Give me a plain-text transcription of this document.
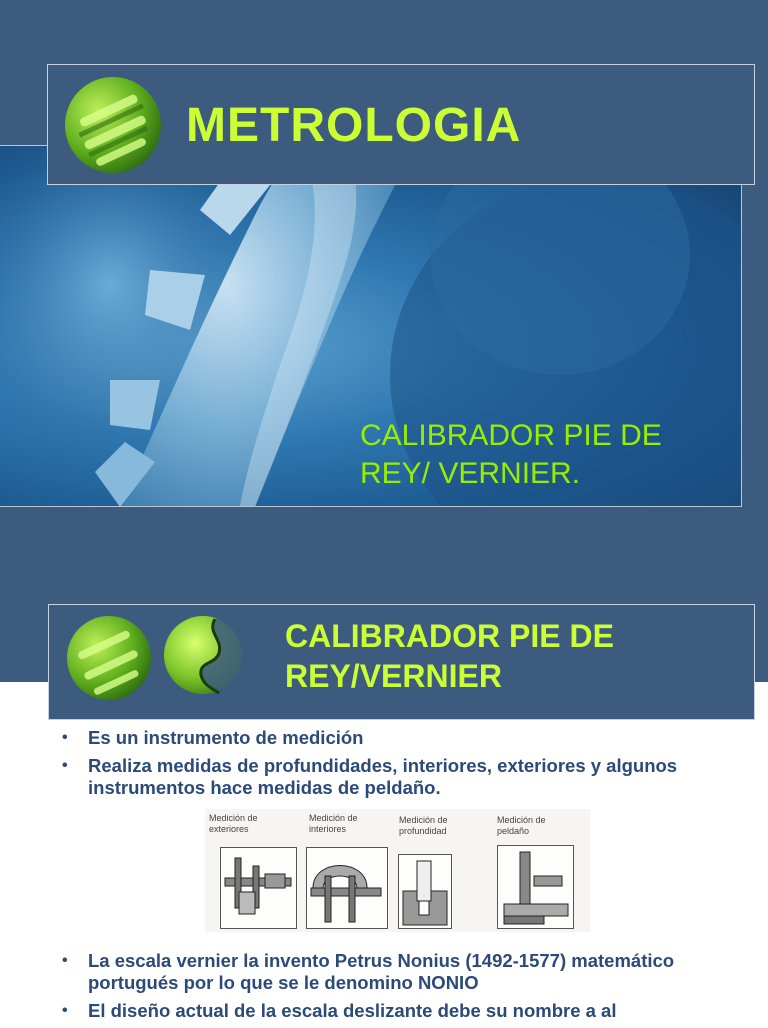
METROLOGIA

CALIBRADOR PIE DE REY/ VERNIER.

CALIBRADOR PIE DE REY/VERNIER
• Es un instrumento de medición
• Realiza medidas de profundidades, interiores, exteriores y algunos instrumentos hace medidas de peldaño.
Medición de exteriores
Medición de interiores
Medición de profundidad
Medición de peldaño
• La escala vernier la invento Petrus Nonius (1492-1577) matemático portugués por lo que se le denomino NONIO
• El diseño actual de la escala deslizante debe su nombre a al
